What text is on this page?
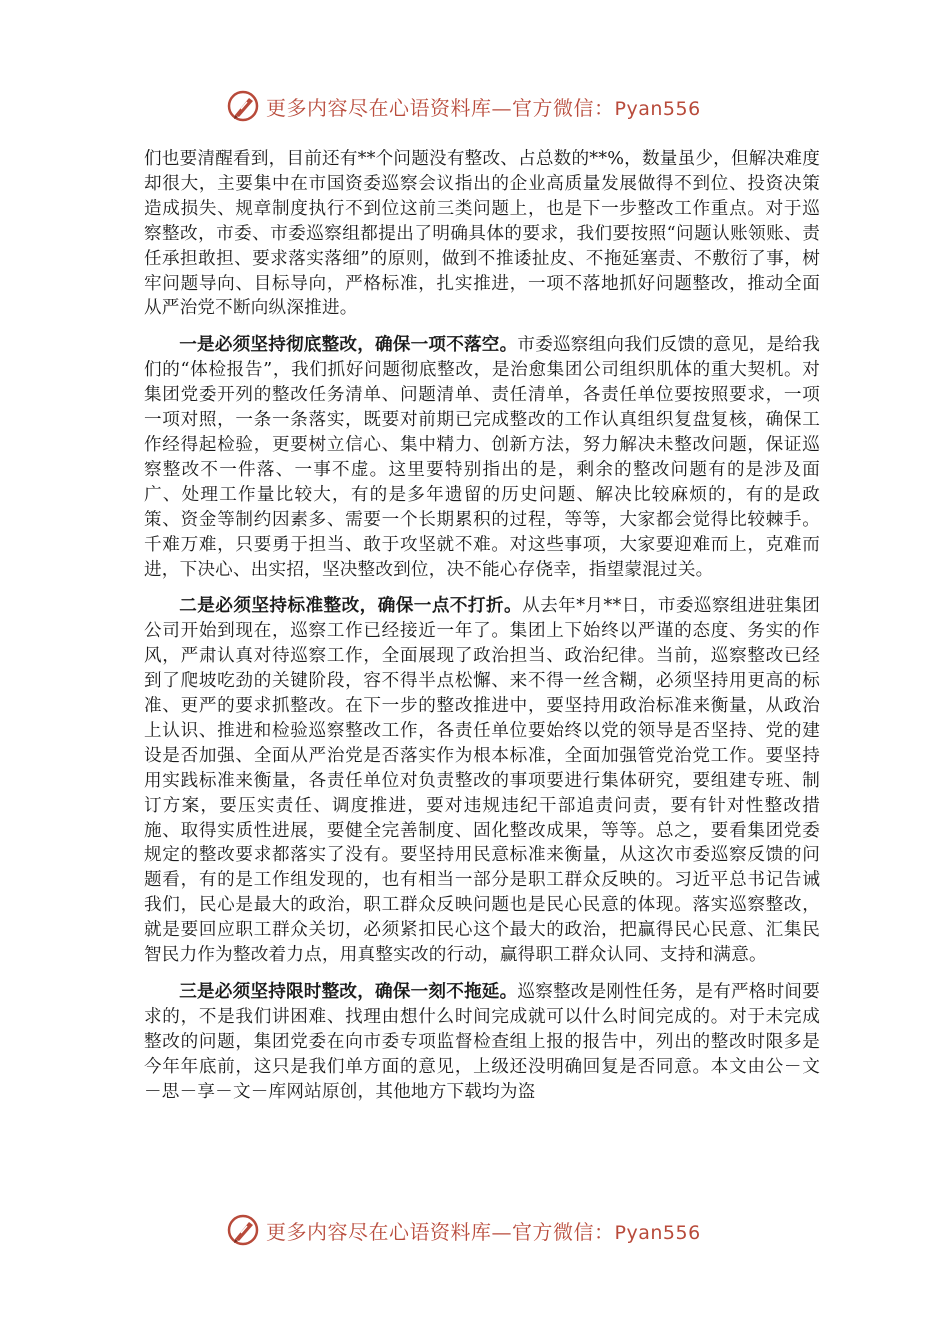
更多内容尽在心语资料库—官方微信：Pyan556

们也要清醒看到，目前还有**个问题没有整改、占总数的**%，数量虽少，但解决难度却很大，主要集中在市国资委巡察会议指出的企业高质量发展做得不到位、投资决策造成损失、规章制度执行不到位这前三类问题上，也是下一步整改工作重点。对于巡察整改，市委、市委巡察组都提出了明确具体的要求，我们要按照“问题认账领账、责任承担敢担、要求落实落细”的原则，做到不推诿扯皮、不拖延塞责、不敷衍了事，树牢问题导向、目标导向，严格标准，扎实推进，一项不落地抓好问题整改，推动全面从严治党不断向纵深推进。

一是必须坚持彻底整改，确保一项不落空。市委巡察组向我们反馈的意见，是给我们的“体检报告”，我们抓好问题彻底整改，是治愈集团公司组织肌体的重大契机。对集团党委开列的整改任务清单、问题清单、责任清单，各责任单位要按照要求，一项一项对照，一条一条落实，既要对前期已完成整改的工作认真组织复盘复核，确保工作经得起检验，更要树立信心、集中精力、创新方法，努力解决未整改问题，保证巡察整改不一件落、一事不虚。这里要特别指出的是，剩余的整改问题有的是涉及面广、处理工作量比较大，有的是多年遗留的历史问题、解决比较麻烦的，有的是政策、资金等制约因素多、需要一个长期累积的过程，等等，大家都会觉得比较棘手。千难万难，只要勇于担当、敢于攻坚就不难。对这些事项，大家要迎难而上，克难而进，下决心、出实招，坚决整改到位，决不能心存侥幸，指望蒙混过关。

二是必须坚持标准整改，确保一点不打折。从去年*月**日，市委巡察组进驻集团公司开始到现在，巡察工作已经接近一年了。集团上下始终以严谨的态度、务实的作风，严肃认真对待巡察工作，全面展现了政治担当、政治纪律。当前，巡察整改已经到了爬坡吃劲的关键阶段，容不得半点松懈、来不得一丝含糊，必须坚持用更高的标准、更严的要求抓整改。在下一步的整改推进中，要坚持用政治标准来衡量，从政治上认识、推进和检验巡察整改工作，各责任单位要始终以党的领导是否坚持、党的建设是否加强、全面从严治党是否落实作为根本标准，全面加强管党治党工作。要坚持用实践标准来衡量，各责任单位对负责整改的事项要进行集体研究，要组建专班、制订方案，要压实责任、调度推进，要对违规违纪干部追责问责，要有针对性整改措施、取得实质性进展，要健全完善制度、固化整改成果，等等。总之，要看集团党委规定的整改要求都落实了没有。要坚持用民意标准来衡量，从这次市委巡察反馈的问题看，有的是工作组发现的，也有相当一部分是职工群众反映的。习近平总书记告诫我们，民心是最大的政治，职工群众反映问题也是民心民意的体现。落实巡察整改，就是要回应职工群众关切，必须紧扣民心这个最大的政治，把赢得民心民意、汇集民智民力作为整改着力点，用真整实改的行动，赢得职工群众认同、支持和满意。

三是必须坚持限时整改，确保一刻不拖延。巡察整改是刚性任务，是有严格时间要求的，不是我们讲困难、找理由想什么时间完成就可以什么时间完成的。对于未完成整改的问题，集团党委在向市委专项监督检查组上报的报告中，列出的整改时限多是今年年底前，这只是我们单方面的意见，上级还没明确回复是否同意。本文由公－文－思－享－文－库网站原创，其他地方下载均为盗

更多内容尽在心语资料库—官方微信：Pyan556
